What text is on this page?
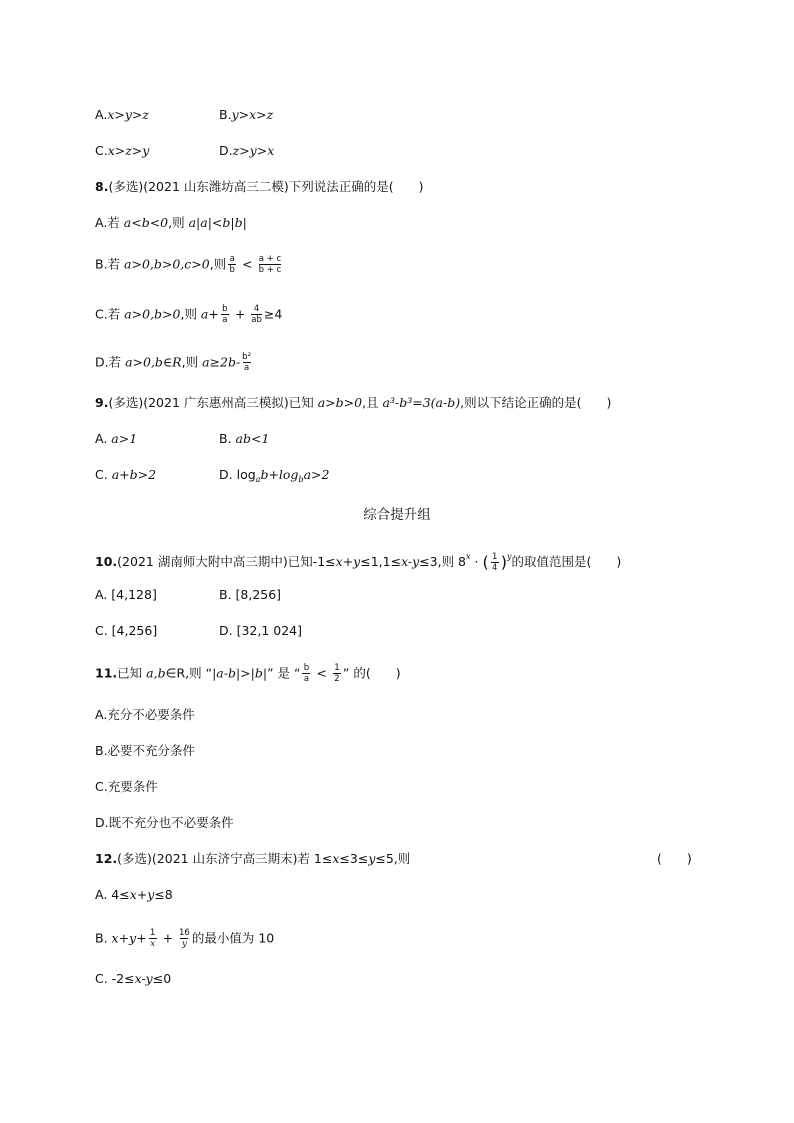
A.x>y>z	B.y>x>z
C.x>z>y	D.z>y>x
8.(多选)(2021 山东潍坊高三二模)下列说法正确的是(　　)
A.若 a<b<0,则 a|a|<b|b|
B.若 a>0,b>0,c>0,则 $\frac{a}{b} < \frac{a + c}{b + c}$
C.若 a>0,b>0,则 $a+ \frac{b}{a} + \frac{4}{ab} \ge 4$
D.若 a>0,b∈R,则 $a\ge 2b- \frac{\text{b²}}{a}$
9.(多选)(2021 广东惠州高三模拟)已知 a>b>0,且 a³-b³=3(a-b),则以下结论正确的是(　　)
A. a>1	B. ab<1
C. a+b>2	D. $\log_ab+\log_ba>2$
综合提升组
10.(2021 湖南师大附中高三期中)已知-1≤x+y≤1,1≤x-y≤3,则 $8^x$ · ( $\frac{1}{4} )^y$的取值范围是(　　)
A. [4,128]	B. [8,256]
C. [4,256]	D. [32,1 024]
11.已知 a,b∈R,则 “|a-b|>|b|” 是 “ $\frac{b}{a} < \frac{1}{2}$ ” 的(　　)
A.充分不必要条件
B.必要不充分条件
C.充要条件
D.既不充分也不必要条件
12.(多选)(2021 山东济宁高三期末)若 1≤x≤3≤y≤5,则	(　　)
A. 4≤x+y≤8
B. $x+y+ \frac{1}{x} + \frac{16}{y}$ 的最小值为 10
C. -2≤x-y≤0
